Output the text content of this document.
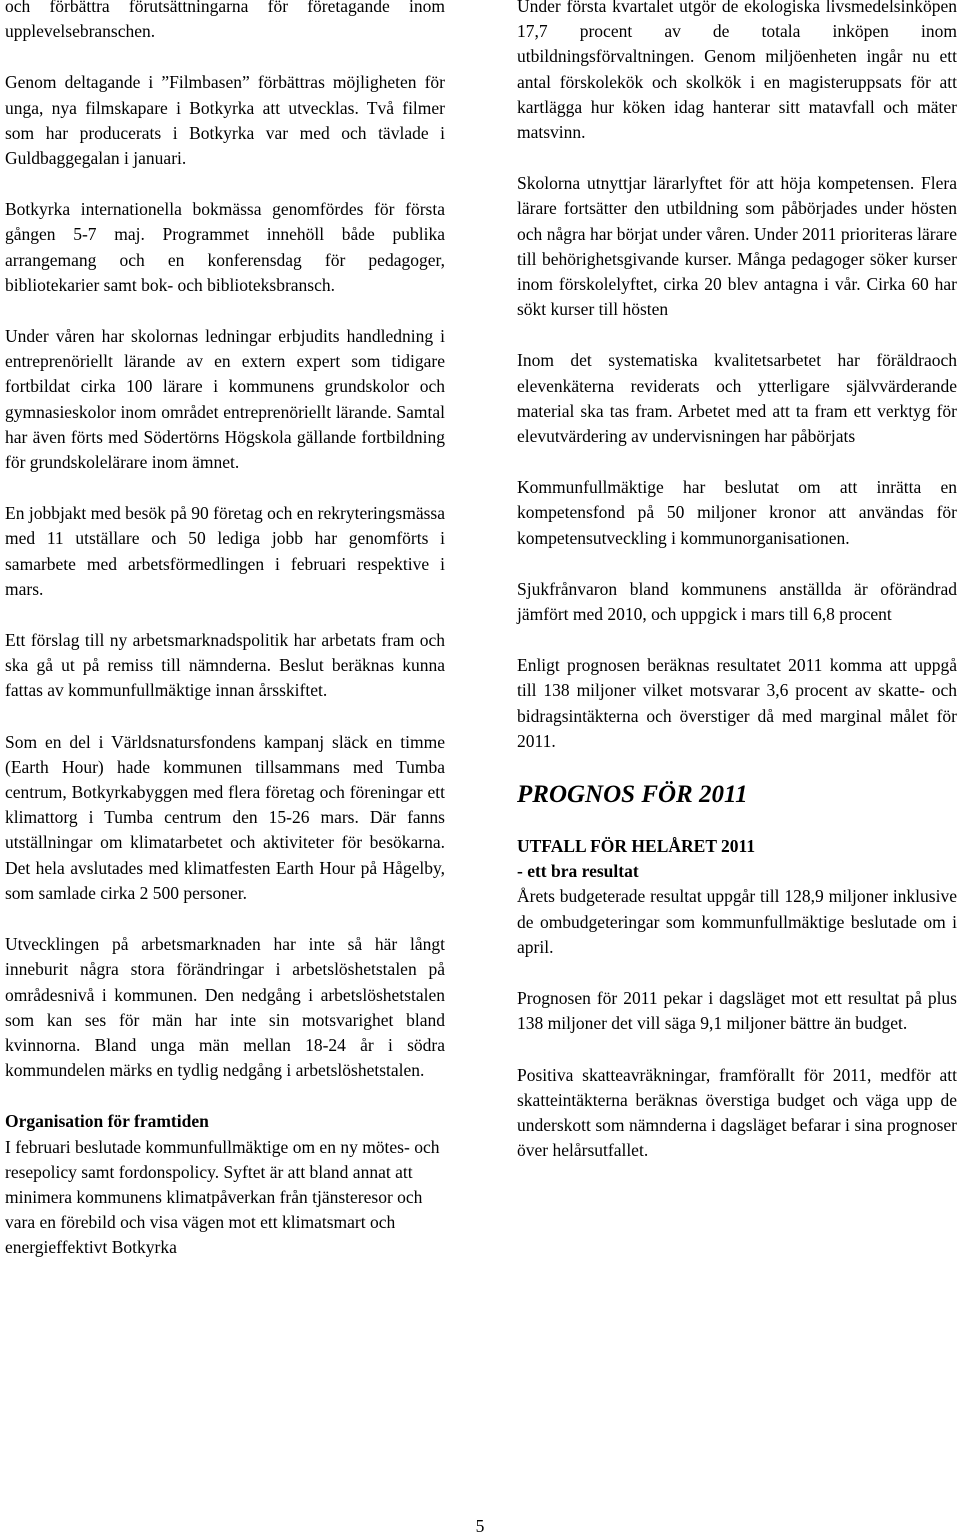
och förbättra förutsättningarna för företagande inom upplevelsebranschen.

Genom deltagande i ”Filmbasen” förbättras möjligheten för unga, nya filmskapare i Botkyrka att utvecklas. Två filmer som har producerats i Botkyrka var med och tävlade i Guldbaggegalan i januari.

Botkyrka internationella bokmässa genomfördes för första gången 5-7 maj. Programmet innehöll både publika arrangemang och en konferensdag för pedagoger, bibliotekarier samt bok- och biblioteksbransch.

Under våren har skolornas ledningar erbjudits handledning i entreprenöriellt lärande av en extern expert som tidigare fortbildat cirka 100 lärare i kommunens grundskolor och gymnasieskolor inom området entreprenöriellt lärande. Samtal har även förts med Södertörns Högskola gällande fortbildning för grundskolelärare inom ämnet.

En jobbjakt med besök på 90 företag och en rekryteringsmässa med 11 utställare och 50 lediga jobb har genomförts i samarbete med arbetsförmedlingen i februari respektive i mars.

Ett förslag till ny arbetsmarknadspolitik har arbetats fram och ska gå ut på remiss till nämnderna. Beslut beräknas kunna fattas av kommunfullmäktige innan årsskiftet.

Som en del i Världsnatursfondens kampanj släck en timme (Earth Hour) hade kommunen tillsammans med Tumba centrum, Botkyrkabyggen med flera företag och föreningar ett klimattorg i Tumba centrum den 15-26 mars. Där fanns utställningar om klimatarbetet och aktiviteter för besökarna. Det hela avslutades med klimatfesten Earth Hour på Hågelby, som samlade cirka 2 500 personer.

Utvecklingen på arbetsmarknaden har inte så här långt inneburit några stora förändringar i arbetslöshetstalen på områdesnivå i kommunen. Den nedgång i arbetslöshetstalen som kan ses för män har inte sin motsvarighet bland kvinnorna. Bland unga män mellan 18-24 år i södra kommundelen märks en tydlig nedgång i arbetslöshetstalen.

Organisation för framtiden
I februari beslutade kommunfullmäktige om en ny mötes- och resepolicy samt fordonspolicy. Syftet är att bland annat att minimera kommunens klimatpåverkan från tjänsteresor och vara en förebild och visa vägen mot ett klimatsmart och energieffektivt Botkyrka

Under första kvartalet utgör de ekologiska livsmedelsinköpen 17,7 procent av de totala inköpen inom utbildningsförvaltningen. Genom miljöenheten ingår nu ett antal förskolekök och skolkök i en magisteruppsats för att kartlägga hur köken idag hanterar sitt matavfall och mäter matsvinn.

Skolorna utnyttjar lärarlyftet för att höja kompetensen. Flera lärare fortsätter den utbildning som påbörjades under hösten och några har börjat under våren. Under 2011 prioriteras lärare till behörighetsgivande kurser. Många pedagoger söker kurser inom förskolelyftet, cirka 20 blev antagna i vår. Cirka 60 har sökt kurser till hösten

Inom det systematiska kvalitetsarbetet har föräldraoch elevenkäterna reviderats och ytterligare självvärderande material ska tas fram. Arbetet med att ta fram ett verktyg för elevutvärdering av undervisningen har påbörjats

Kommunfullmäktige har beslutat om att inrätta en kompetensfond på 50 miljoner kronor att användas för kompetensutveckling i kommunorganisationen.

Sjukfrånvaron bland kommunens anställda är oförändrad jämfört med 2010, och uppgick i mars till 6,8 procent

Enligt prognosen beräknas resultatet 2011 komma att uppgå till 138 miljoner vilket motsvarar 3,6 procent av skatte- och bidragsintäkterna och överstiger då med marginal målet för 2011.

PROGNOS FÖR 2011

UTFALL FÖR HELÅRET 2011
- ett bra resultat
Årets budgeterade resultat uppgår till 128,9 miljoner inklusive de ombudgeteringar som kommunfullmäktige beslutade om i april.

Prognosen för 2011 pekar i dagsläget mot ett resultat på plus 138 miljoner det vill säga 9,1 miljoner bättre än budget.

Positiva skatteavräkningar, framförallt för 2011, medför att skatteintäkterna beräknas överstiga budget och väga upp de underskott som nämnderna i dagsläget befarar i sina prognoser över helårsutfallet.

5
